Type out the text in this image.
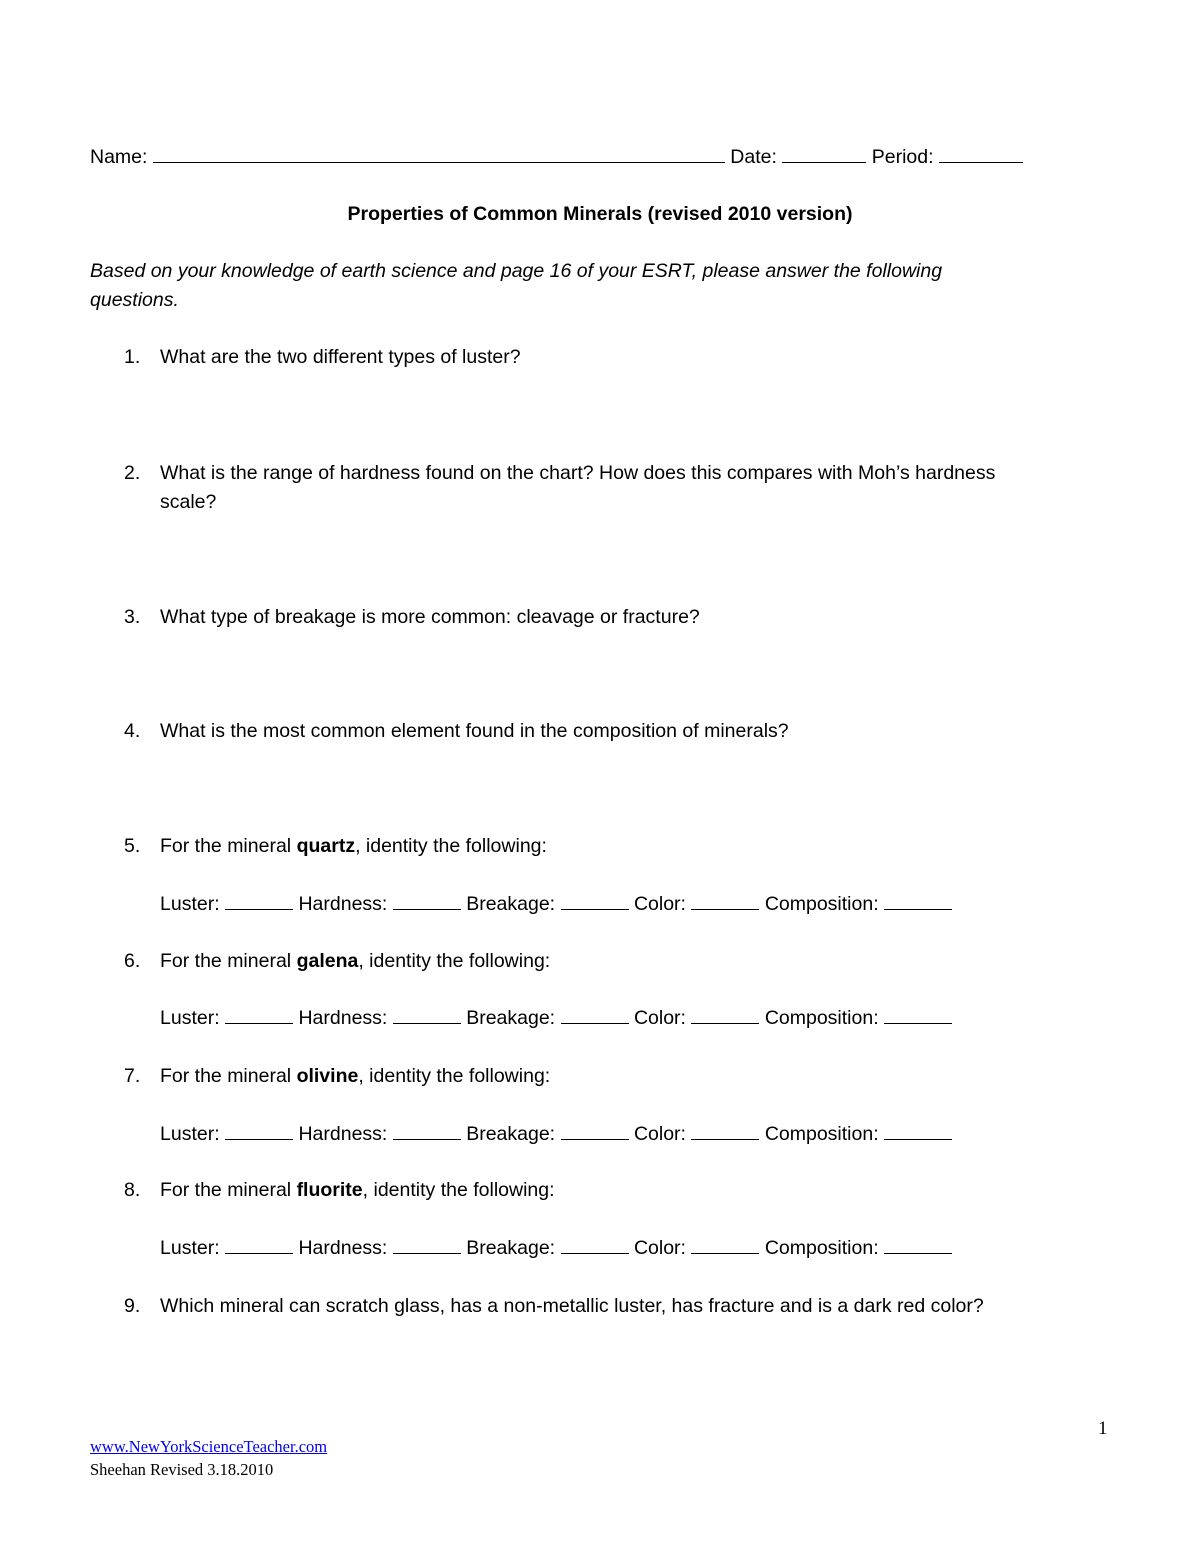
Name:	Date:	Period:
Properties of Common Minerals (revised 2010 version)
Based on your knowledge of earth science and page 16 of your ESRT, please answer the following
questions.
1. What are the two different types of luster?
2. What is the range of hardness found on the chart? How does this compares with Moh’s hardness
scale?
3. What type of breakage is more common: cleavage or fracture?
4. What is the most common element found in the composition of minerals?
5. For the mineral quartz, identity the following:
Luster:	Hardness:	Breakage:	Color:	Composition:
6. For the mineral galena, identity the following:
Luster:	Hardness:	Breakage:	Color:	Composition:
7. For the mineral olivine, identity the following:
Luster:	Hardness:	Breakage:	Color:	Composition:
8. For the mineral fluorite, identity the following:
Luster:	Hardness:	Breakage:	Color:	Composition:
9. Which mineral can scratch glass, has a non-metallic luster, has fracture and is a dark red color?
1
www.NewYorkScienceTeacher.com
Sheehan Revised 3.18.2010
